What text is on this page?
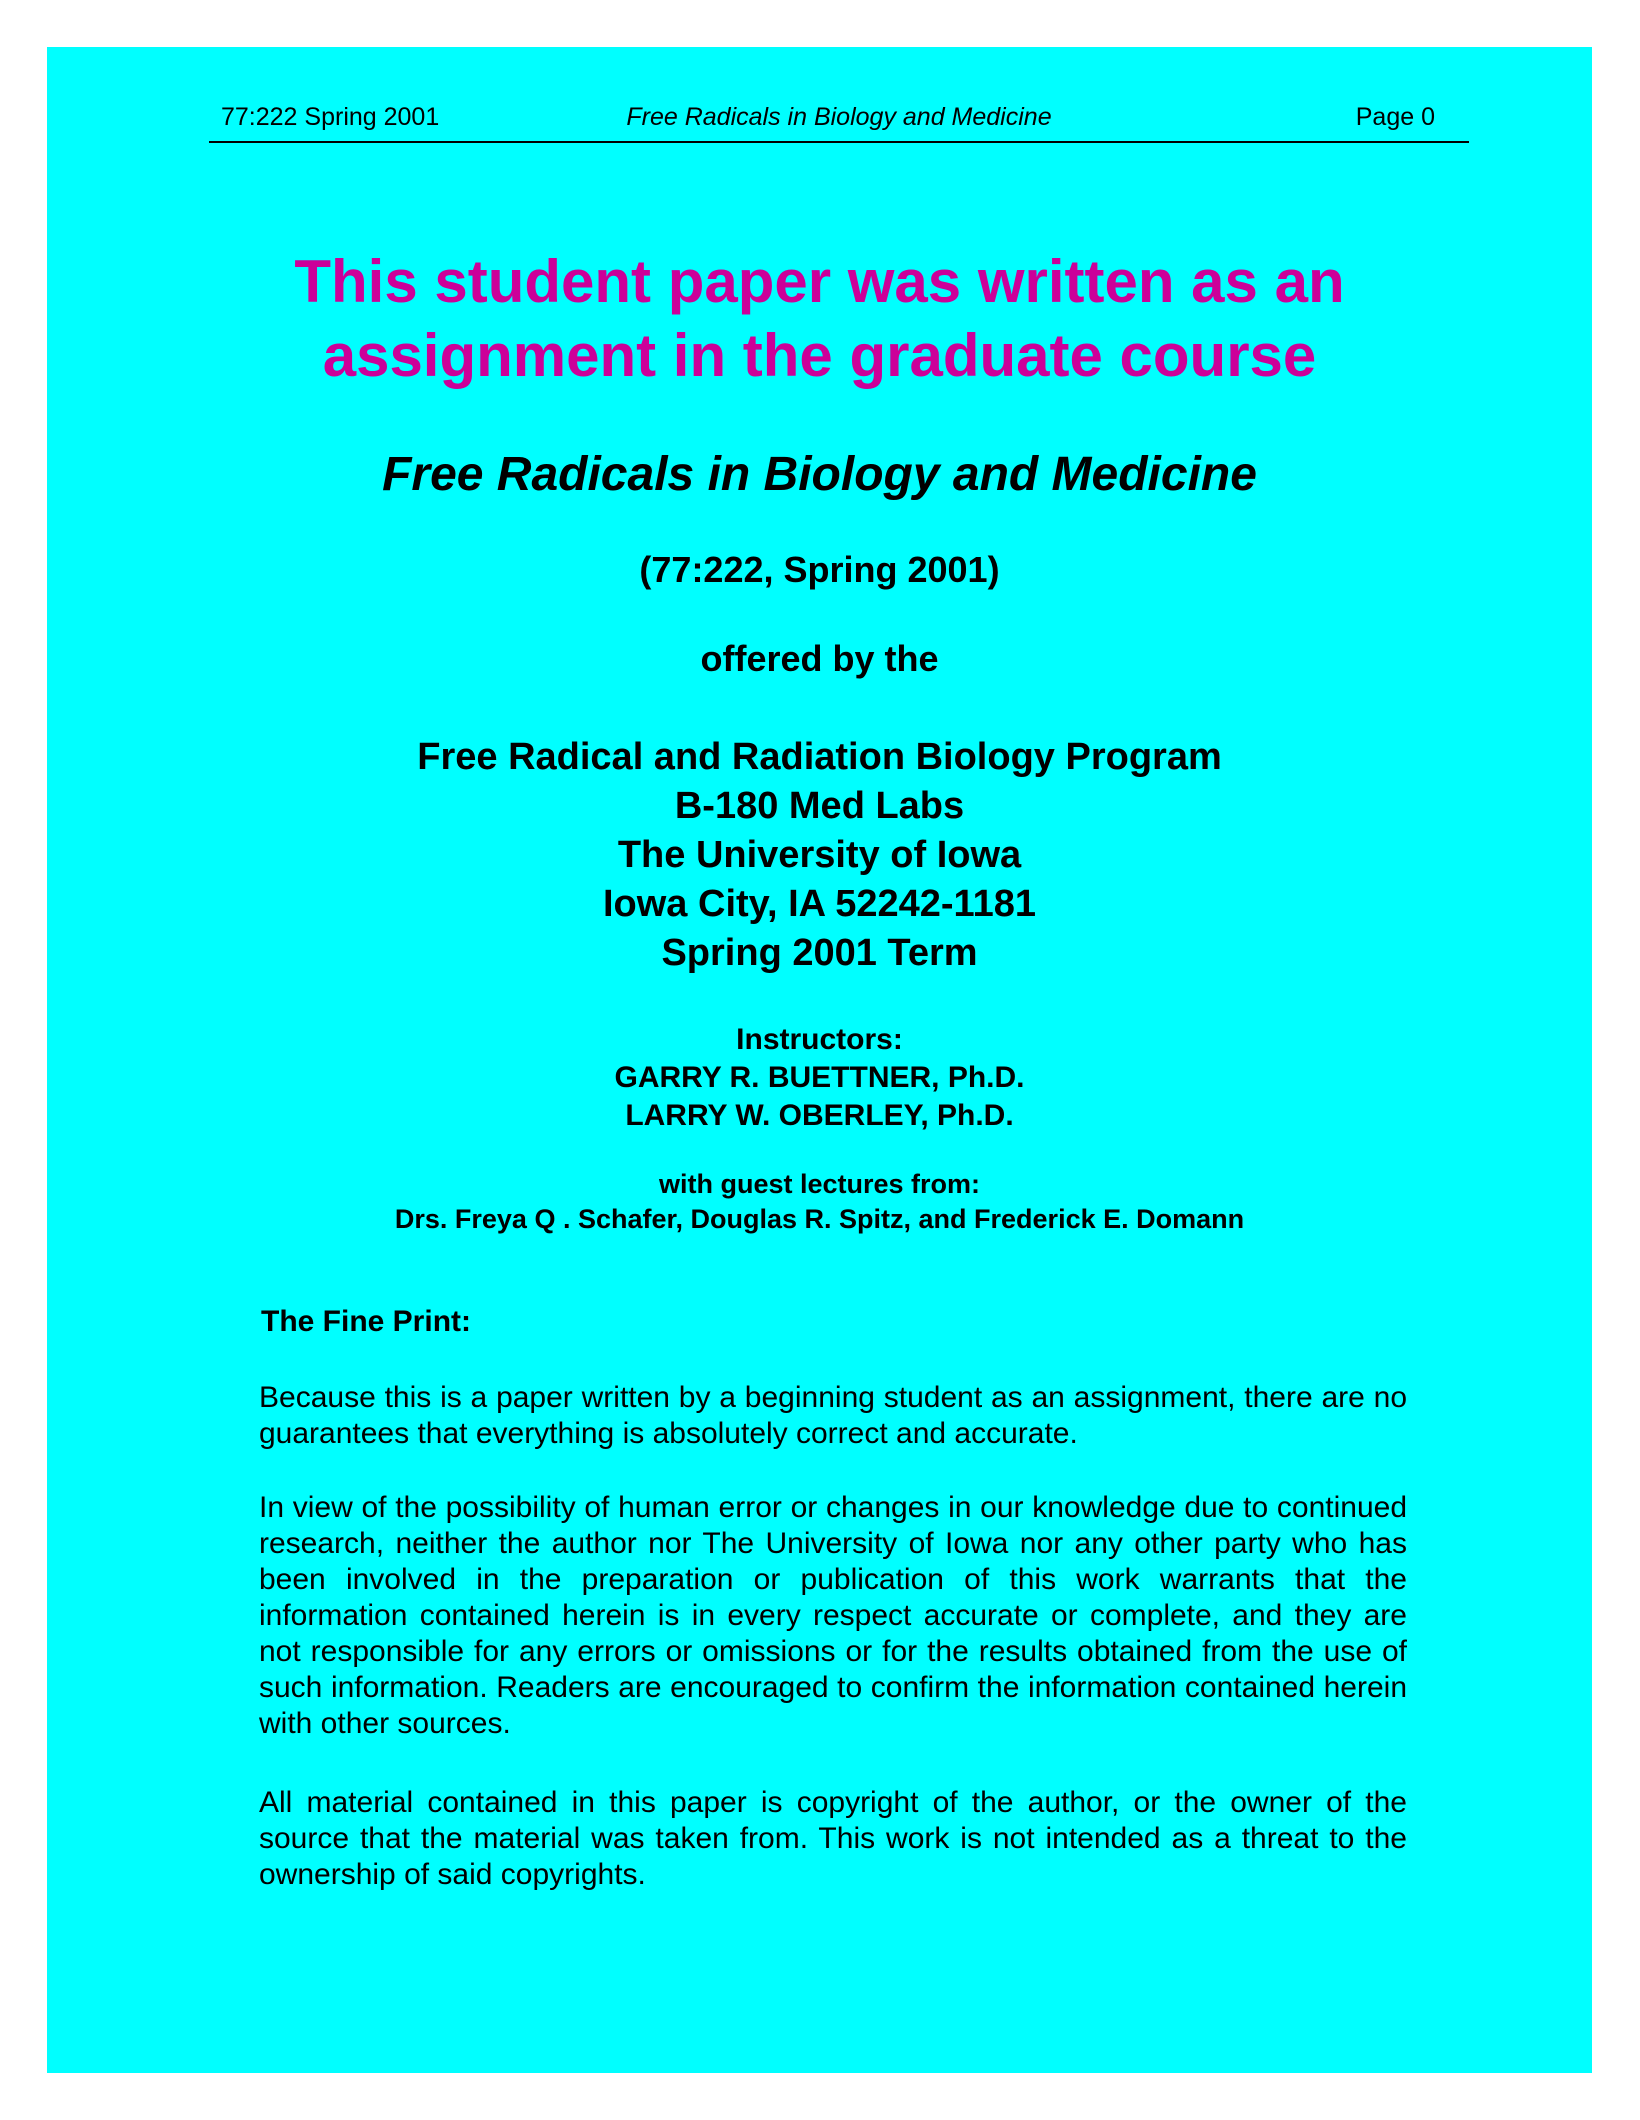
77:222 Spring 2001	Free Radicals in Biology and Medicine	Page 0
This student paper was written as an
assignment in the graduate course
Free Radicals in Biology and Medicine
(77:222, Spring 2001)
offered by the
Free Radical and Radiation Biology Program
B-180 Med Labs
The University of Iowa
Iowa City, IA 52242-1181
Spring 2001 Term
Instructors:
GARRY R. BUETTNER, Ph.D.
LARRY W. OBERLEY, Ph.D.
with guest lectures from:
Drs. Freya Q . Schafer, Douglas R. Spitz, and Frederick E. Domann
The Fine Print:
Because this is a paper written by a beginning student as an assignment, there are no guarantees that everything is absolutely correct and accurate.
In view of the possibility of human error or changes in our knowledge due to continued research, neither the author nor The University of Iowa nor any other party who has been involved in the preparation or publication of this work warrants that the information contained herein is in every respect accurate or complete, and they are not responsible for any errors or omissions or for the results obtained from the use of such information. Readers are encouraged to confirm the information contained herein with other sources.
All material contained in this paper is copyright of the author, or the owner of the source that the material was taken from. This work is not intended as a threat to the ownership of said copyrights.
